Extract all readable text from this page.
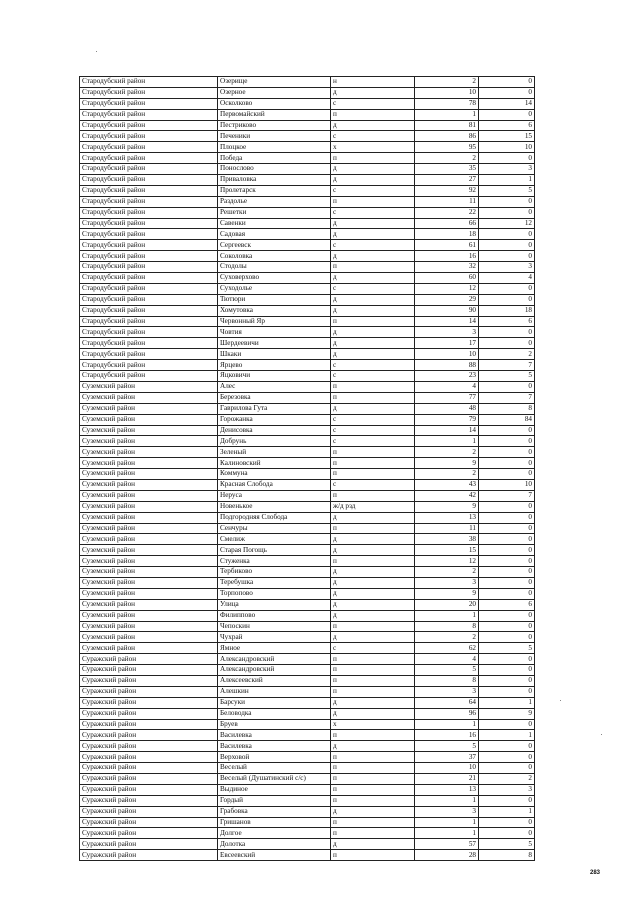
Стародубский район	Озерище	н	2	0
Стародубский район	Озерное	д	10	0
Стародубский район	Осколково	с	78	14
Стародубский район	Первомайский	п	1	0
Стародубский район	Пестриково	д	81	6
Стародубский район	Печеники	с	86	15
Стародубский район	Плоцкое	х	95	10
Стародубский район	Победа	п	2	0
Стародубский район	Понослово	д	35	3
Стародубский район	Приваловка	д	27	1
Стародубский район	Пролетарск	с	92	5
Стародубский район	Раздолье	п	11	0
Стародубский район	Решетки	с	22	0
Стародубский район	Савенки	д	66	12
Стародубский район	Садовая	д	18	0
Стародубский район	Сергеевск	с	61	0
Стародубский район	Соколовка	д	16	0
Стародубский район	Стодолы	п	32	3
Стародубский район	Суховерхово	д	60	4
Стародубский район	Суходолье	с	12	0
Стародубский район	Тютюри	д	29	0
Стародубский район	Хомутовка	д	90	18
Стародубский район	Червонный Яр	п	14	6
Стародубский район	Човтия	д	3	0
Стародубский район	Шердеевичи	д	17	0
Стародубский район	Шкаки	д	10	2
Стародубский район	Ярцево	с	88	7
Стародубский район	Яцковичи	с	23	5
Суземский район	Алес	п	4	0
Суземский район	Березовка	п	77	7
Суземский район	Гаврилова Гута	д	48	8
Суземский район	Горожанка	с	79	84
Суземский район	Денисовка	с	14	0
Суземский район	Добрунь	с	1	0
Суземский район	Зеленый	п	2	0
Суземский район	Калиновский	п	9	0
Суземский район	Коммуна	п	2	0
Суземский район	Красная Слобода	с	43	10
Суземский район	Неруса	п	42	7
Суземский район	Новенькое	ж/д рзд	9	0
Суземский район	Подгородняя Слобода	д	13	0
Суземский район	Сенчуры	п	11	0
Суземский район	Смелиж	д	38	0
Суземский район	Старая Погощь	д	15	0
Суземский район	Стуженка	п	12	0
Суземский район	Тербиково	д	2	0
Суземский район	Теребушка	д	3	0
Суземский район	Торпопово	д	9	0
Суземский район	Улица	д	20	6
Суземский район	Филиппово	д	1	0
Суземский район	Чепоскин	п	8	0
Суземский район	Чухрай	д	2	0
Суземский район	Ямное	с	62	5
Суражский район	Александровский	п	4	0
Суражский район	Александровский	п	5	0
Суражский район	Алексеевский	п	8	0
Суражский район	Алешкин	п	3	0
Суражский район	Барсуки	д	64	1
Суражский район	Беловодка	д	96	9
Суражский район	Бруев	х	1	0
Суражский район	Василевка	п	16	1
Суражский район	Василевка	д	5	0
Суражский район	Верховой	п	37	0
Суражский район	Веселый	п	10	0
Суражский район	Веселый (Душатинский с/с)	п	21	2
Суражский район	Выдиное	п	13	3
Суражский район	Гордый	п	1	0
Суражский район	Грабовка	д	3	1
Суражский район	Гришанов	п	1	0
Суражский район	Долгое	п	1	0
Суражский район	Долотка	д	57	5
Суражский район	Евсеевский	п	28	8
283
